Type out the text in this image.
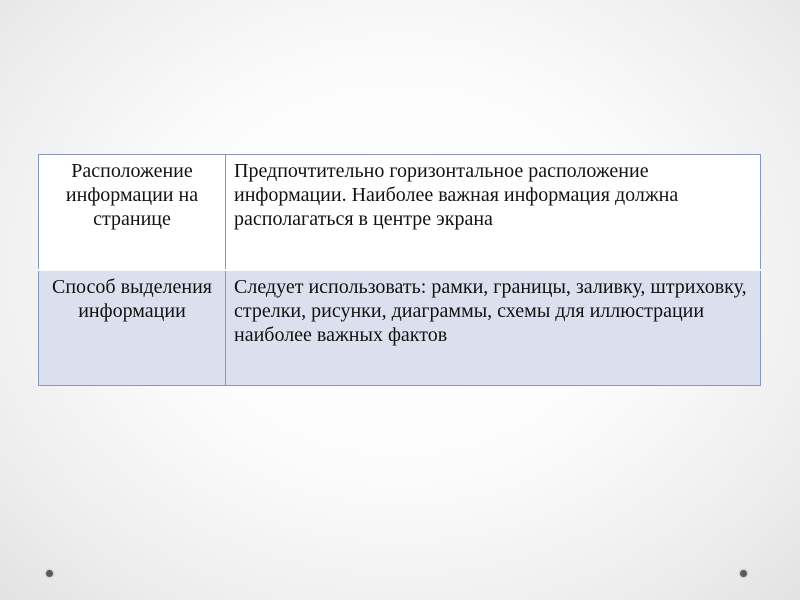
Расположение информации на странице	Предпочтительно горизонтальное расположение информации. Наиболее важная информация должна располагаться в центре экрана
Способ выделения информации	Следует использовать: рамки, границы, заливку, штриховку, стрелки, рисунки, диаграммы, схемы для иллюстрации наиболее важных фактов
